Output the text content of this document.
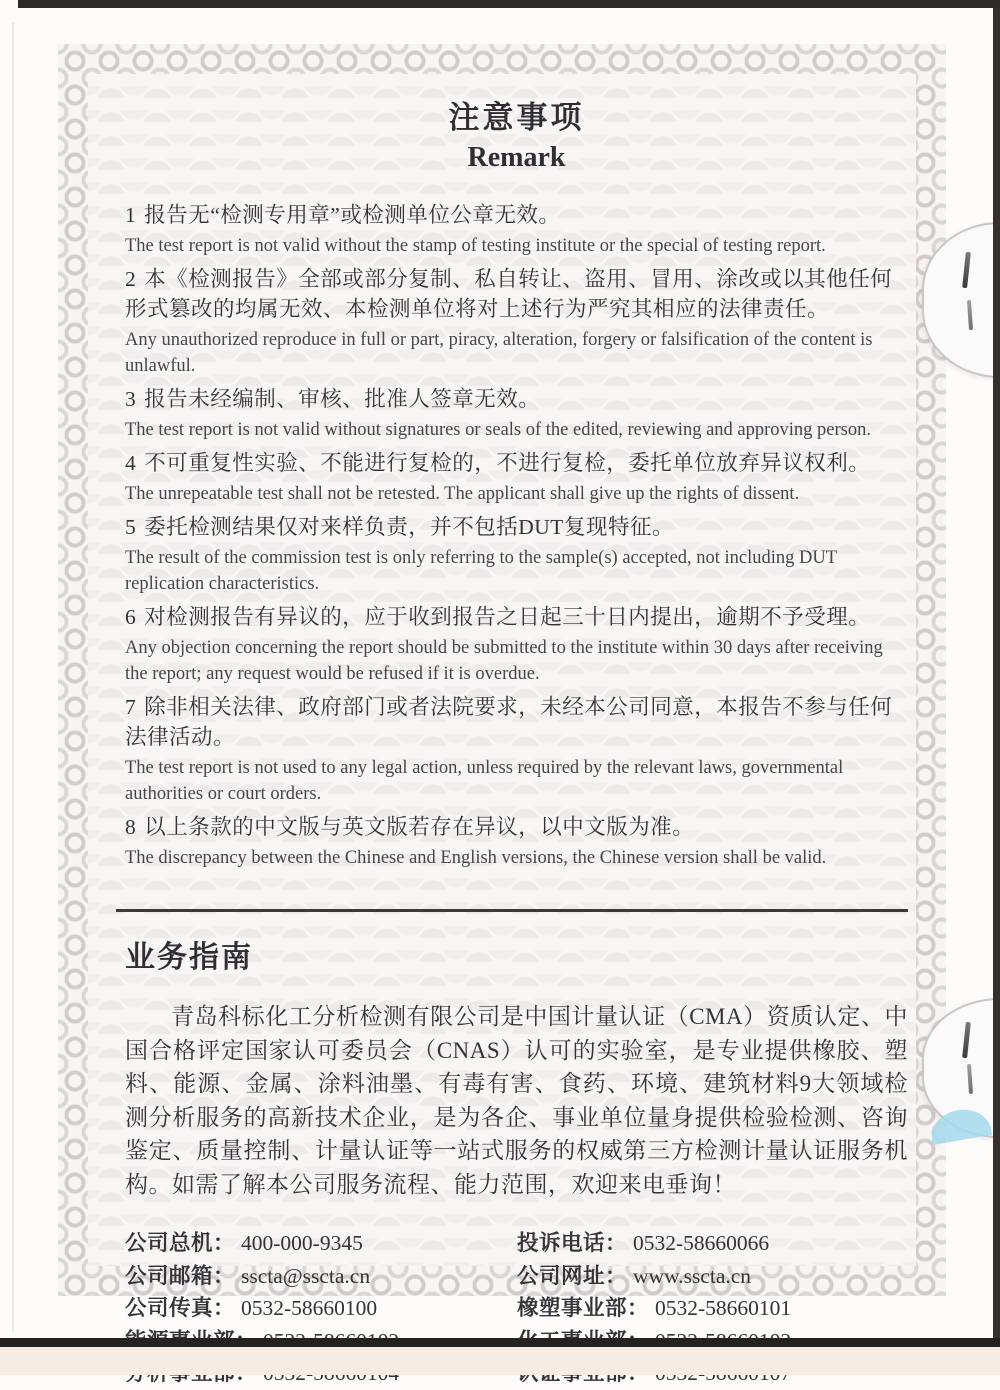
注意事项
Remark
1 报告无“检测专用章”或检测单位公章无效。
The test report is not valid without the stamp of testing institute or the special of testing report.
2 本《检测报告》全部或部分复制、私自转让、盗用、冒用、涂改或以其他任何形式篡改的均属无效、本检测单位将对上述行为严究其相应的法律责任。
Any unauthorized reproduce in full or part, piracy, alteration, forgery or falsification of the content is unlawful.
3 报告未经编制、审核、批准人签章无效。
The test report is not valid without signatures or seals of the edited, reviewing and approving person.
4 不可重复性实验、不能进行复检的，不进行复检，委托单位放弃异议权利。
The unrepeatable test shall not be retested. The applicant shall give up the rights of dissent.
5 委托检测结果仅对来样负责，并不包括DUT复现特征。
The result of the commission test is only referring to the sample(s) accepted, not including DUT replication characteristics.
6 对检测报告有异议的，应于收到报告之日起三十日内提出，逾期不予受理。
Any objection concerning the report should be submitted to the institute within 30 days after receiving the report; any request would be refused if it is overdue.
7 除非相关法律、政府部门或者法院要求，未经本公司同意，本报告不参与任何法律活动。
The test report is not used to any legal action, unless required by the relevant laws, governmental authorities or court orders.
8 以上条款的中文版与英文版若存在异议，以中文版为准。
The discrepancy between the Chinese and English versions, the Chinese version shall be valid.
业务指南
青岛科标化工分析检测有限公司是中国计量认证（CMA）资质认定、中国合格评定国家认可委员会（CNAS）认可的实验室，是专业提供橡胶、塑料、能源、金属、涂料油墨、有毒有害、食药、环境、建筑材料9大领域检测分析服务的高新技术企业，是为各企、事业单位量身提供检验检测、咨询鉴定、质量控制、计量认证等一站式服务的权威第三方检测计量认证服务机构。如需了解本公司服务流程、能力范围，欢迎来电垂询！
公司总机： 400-000-9345	投诉电话： 0532-58660066
公司邮箱： sscta@sscta.cn	公司网址： www.sscta.cn
公司传真： 0532-58660100	橡塑事业部： 0532-58660101
